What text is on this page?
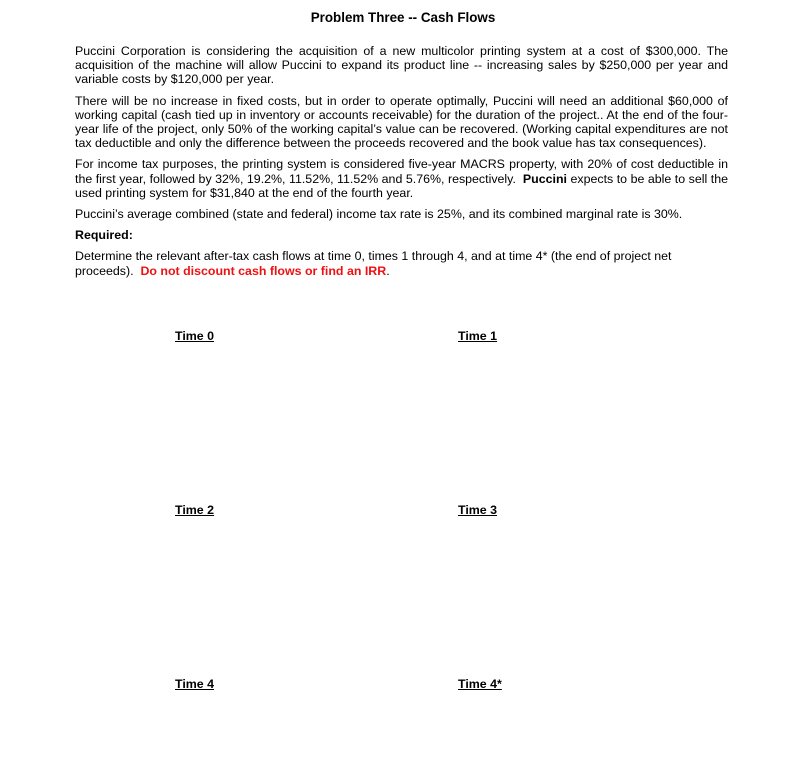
Problem Three -- Cash Flows

Puccini Corporation is considering the acquisition of a new multicolor printing system at a cost of $300,000. The acquisition of the machine will allow Puccini to expand its product line -- increasing sales by $250,000 per year and variable costs by $120,000 per year.

There will be no increase in fixed costs, but in order to operate optimally, Puccini will need an additional $60,000 of working capital (cash tied up in inventory or accounts receivable) for the duration of the project.. At the end of the four-year life of the project, only 50% of the working capital’s value can be recovered. (Working capital expenditures are not tax deductible and only the difference between the proceeds recovered and the book value has tax consequences).

For income tax purposes, the printing system is considered five-year MACRS property, with 20% of cost deductible in the first year, followed by 32%, 19.2%, 11.52%, 11.52% and 5.76%, respectively. Puccini expects to be able to sell the used printing system for $31,840 at the end of the fourth year.

Puccini’s average combined (state and federal) income tax rate is 25%, and its combined marginal rate is 30%.

Required:

Determine the relevant after-tax cash flows at time 0, times 1 through 4, and at time 4* (the end of project net proceeds). Do not discount cash flows or find an IRR.

Time 0	Time 1
Time 2	Time 3
Time 4	Time 4*
